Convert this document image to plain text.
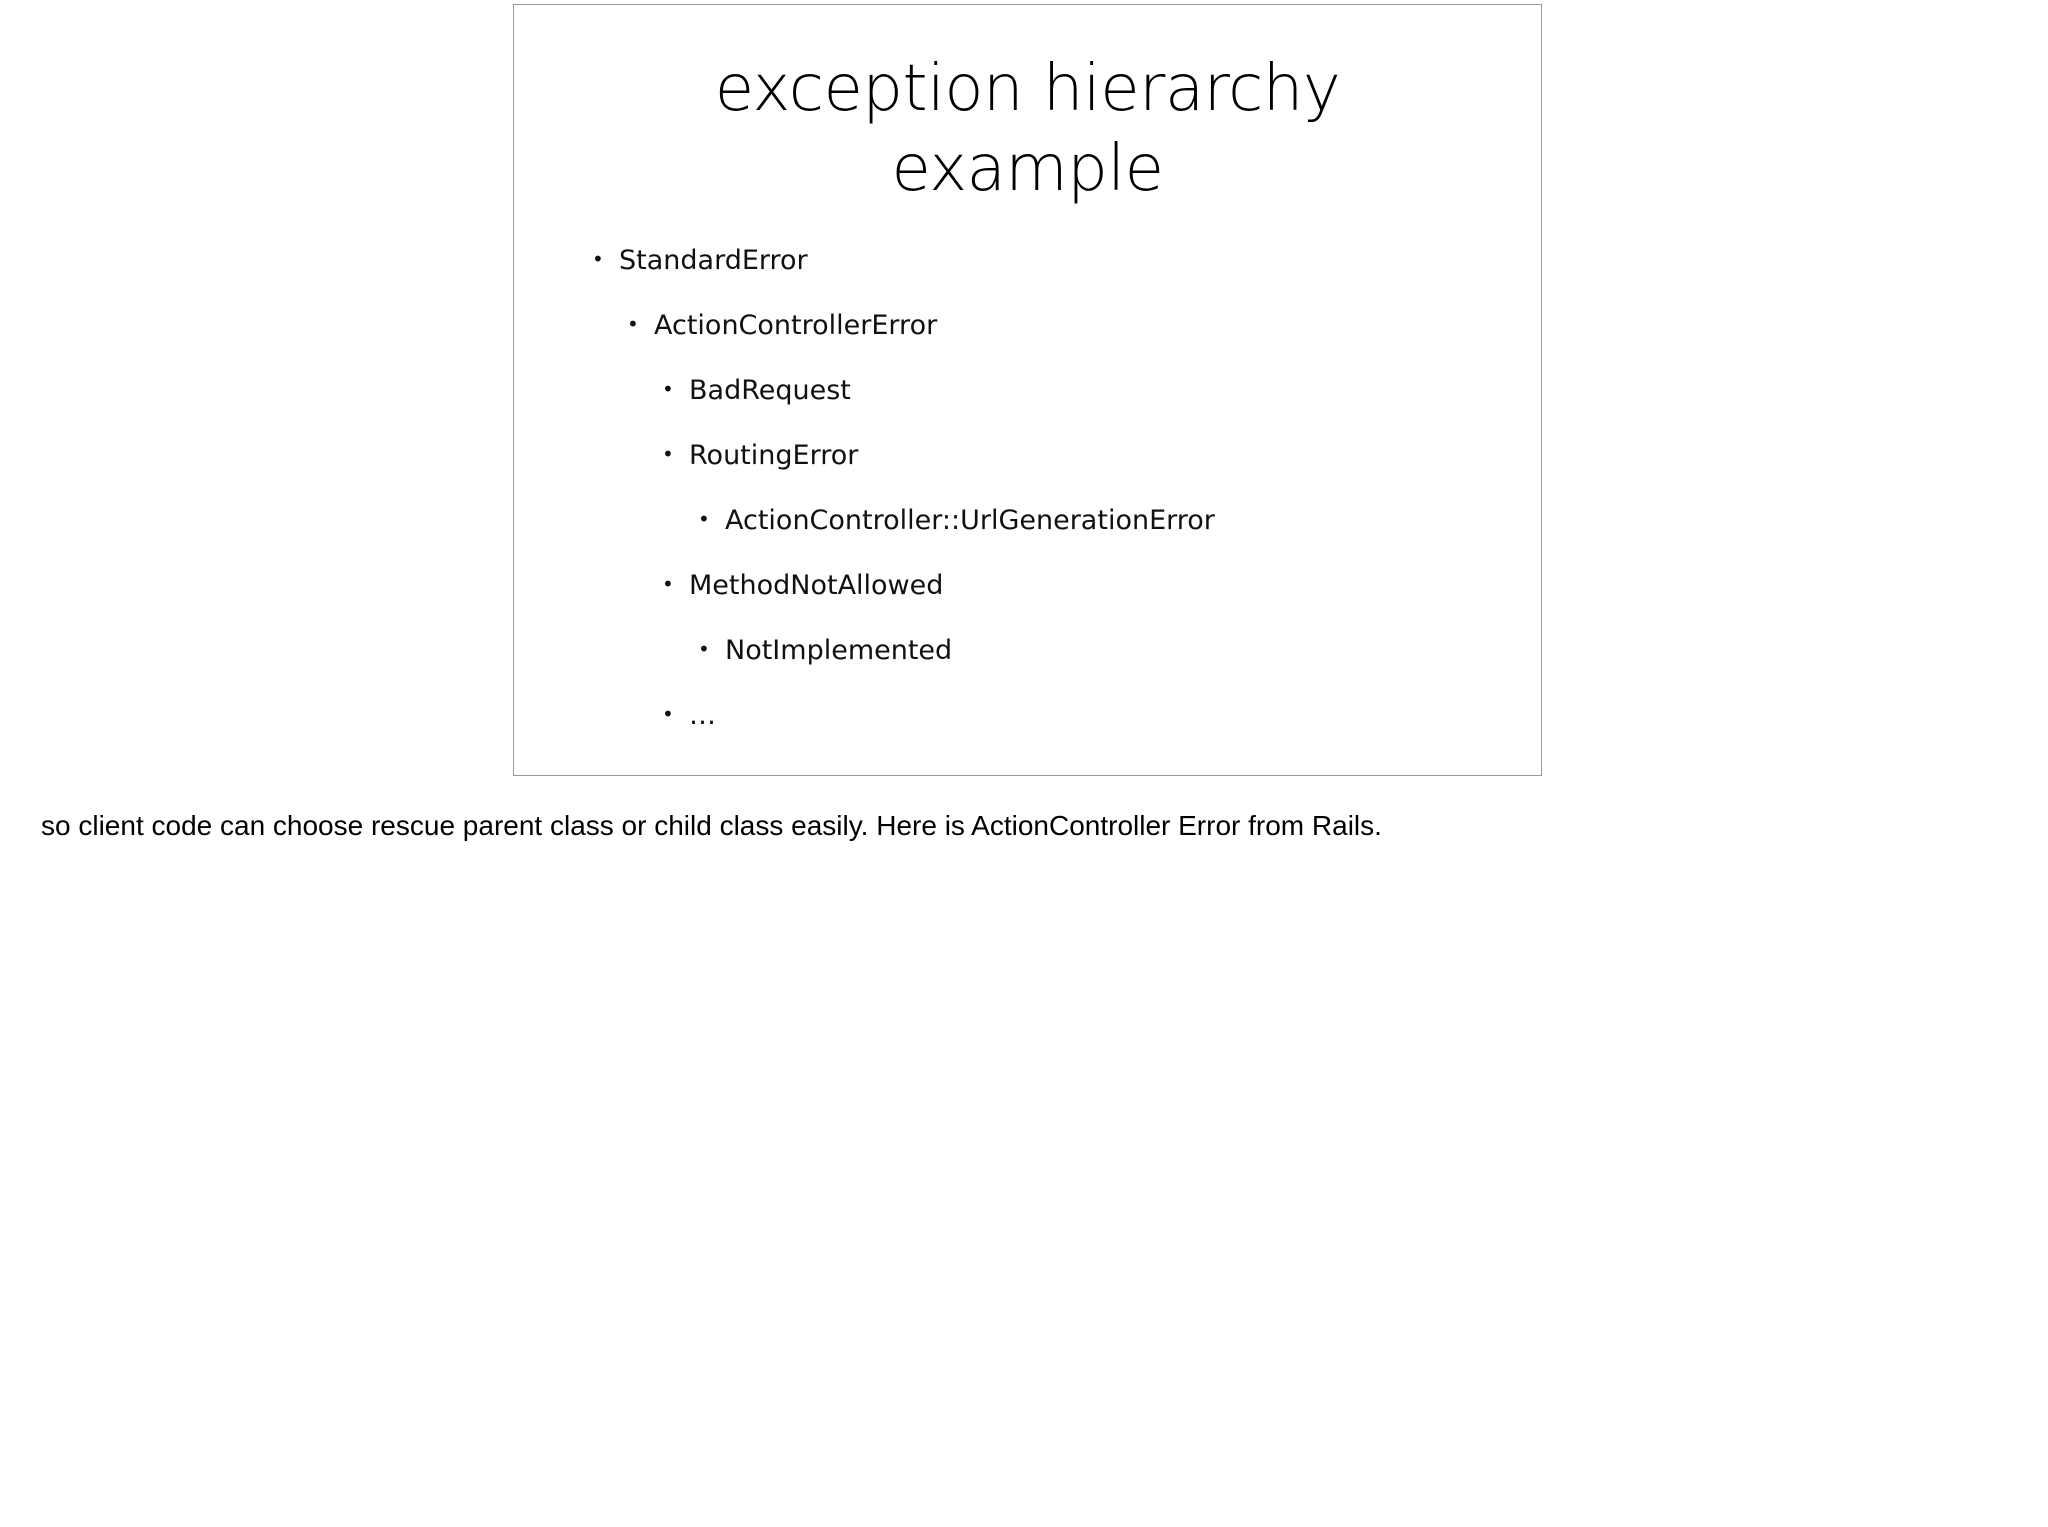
exception hierarchy
example
• StandardError
• ActionControllerError
• BadRequest
• RoutingError
• ActionController::UrlGenerationError
• MethodNotAllowed
• NotImplemented
• …

so client code can choose rescue parent class or child class easily. Here is ActionController Error from Rails.
